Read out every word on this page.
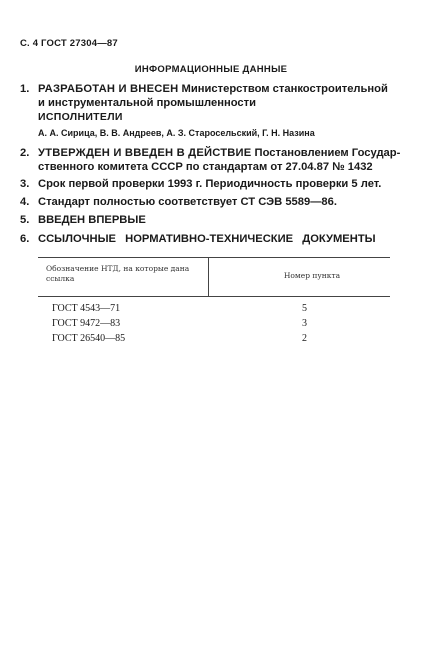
С. 4 ГОСТ 27304—87
ИНФОРМАЦИОННЫЕ ДАННЫЕ
1. РАЗРАБОТАН И ВНЕСЕН Министерством станкостроительной
и инструментальной промышленности
ИСПОЛНИТЕЛИ
А. А. Сирица, В. В. Андреев, А. З. Старосельский, Г. Н. Назина
2. УТВЕРЖДЕН И ВВЕДЕН В ДЕЙСТВИЕ Постановлением Государ-
ственного комитета СССР по стандартам от 27.04.87 № 1432
3. Срок первой проверки 1993 г. Периодичность проверки 5 лет.
4. Стандарт полностью соответствует СТ СЭВ 5589—86.
5. ВВЕДЕН ВПЕРВЫЕ
6. ССЫЛОЧНЫЕ НОРМАТИВНО-ТЕХНИЧЕСКИЕ ДОКУМЕНТЫ
Обозначение НТД, на которые дана ссылка	Номер пункта
ГОСТ 4543—71	5
ГОСТ 9472—83	3
ГОСТ 26540—85	2
